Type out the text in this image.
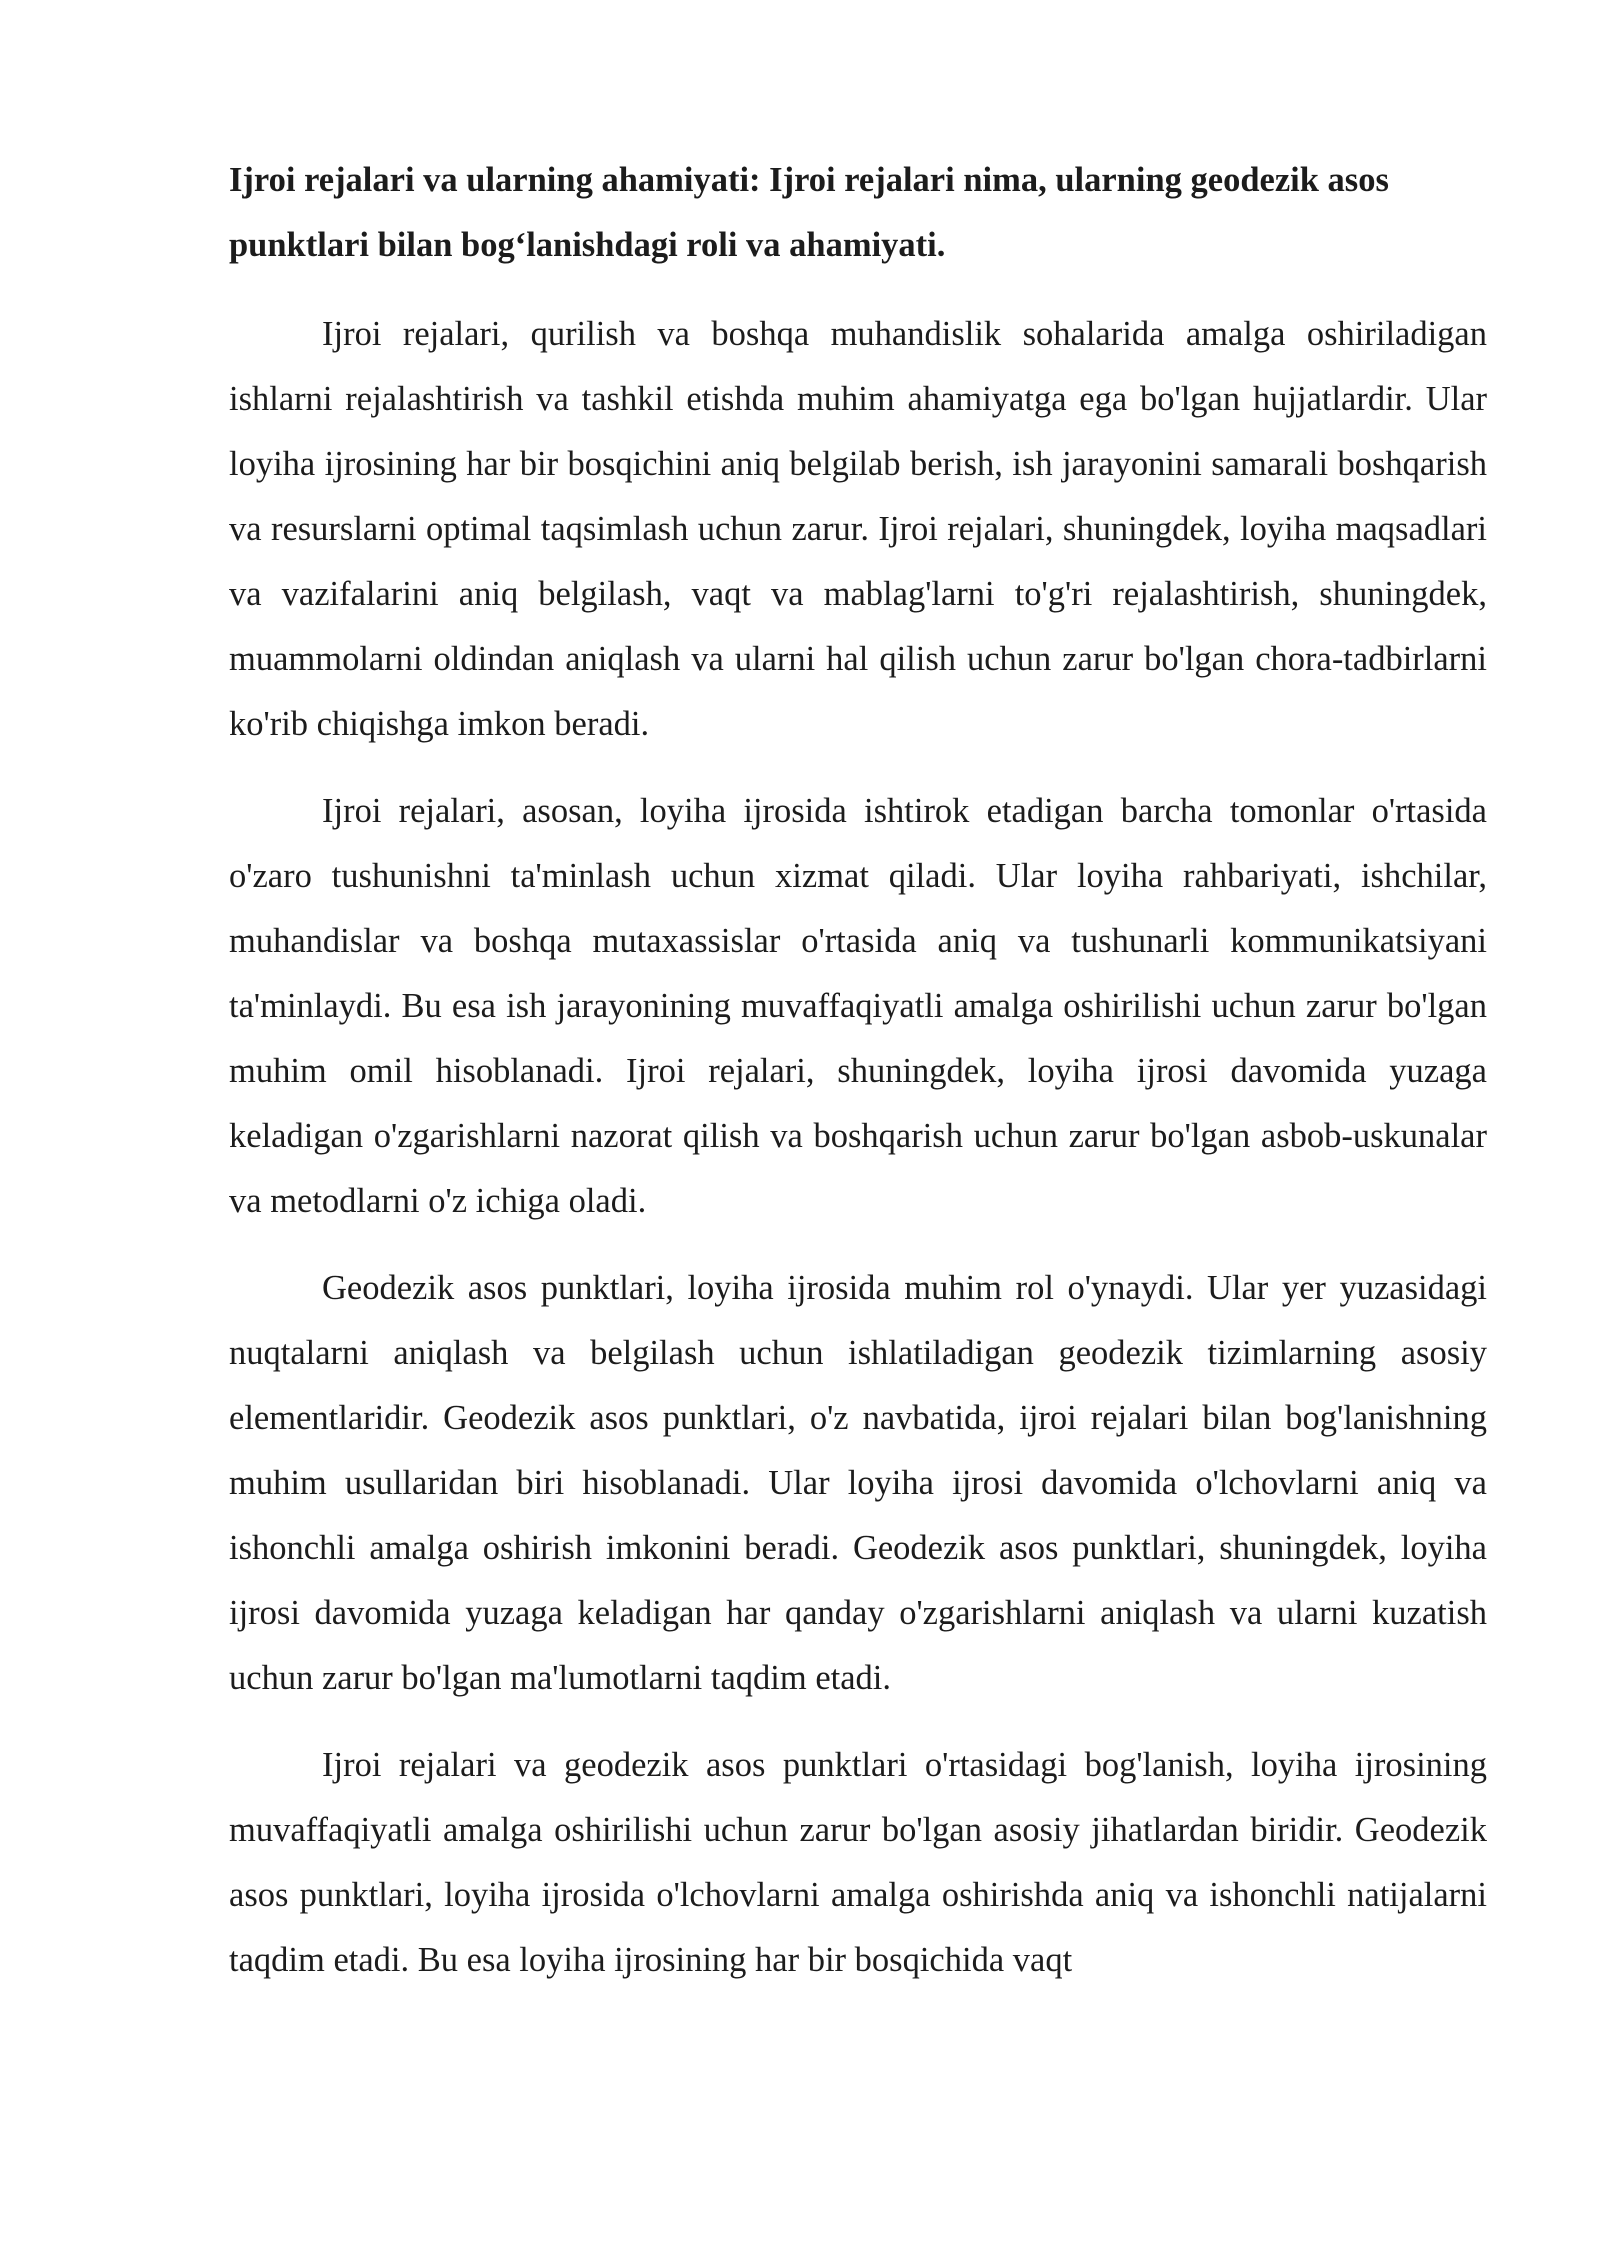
Ijroi rejalari va ularning ahamiyati: Ijroi rejalari nima, ularning geodezik asos punktlari bilan bog‘lanishdagi roli va ahamiyati.

Ijroi rejalari, qurilish va boshqa muhandislik sohalarida amalga oshiriladigan ishlarni rejalashtirish va tashkil etishda muhim ahamiyatga ega bo'lgan hujjatlardir. Ular loyiha ijrosining har bir bosqichini aniq belgilab berish, ish jarayonini samarali boshqarish va resurslarni optimal taqsimlash uchun zarur. Ijroi rejalari, shuningdek, loyiha maqsadlari va vazifalarini aniq belgilash, vaqt va mablag'larni to'g'ri rejalashtirish, shuningdek, muammolarni oldindan aniqlash va ularni hal qilish uchun zarur bo'lgan chora-tadbirlarni ko'rib chiqishga imkon beradi.

Ijroi rejalari, asosan, loyiha ijrosida ishtirok etadigan barcha tomonlar o'rtasida o'zaro tushunishni ta'minlash uchun xizmat qiladi. Ular loyiha rahbariyati, ishchilar, muhandislar va boshqa mutaxassislar o'rtasida aniq va tushunarli kommunikatsiyani ta'minlaydi. Bu esa ish jarayonining muvaffaqiyatli amalga oshirilishi uchun zarur bo'lgan muhim omil hisoblanadi. Ijroi rejalari, shuningdek, loyiha ijrosi davomida yuzaga keladigan o'zgarishlarni nazorat qilish va boshqarish uchun zarur bo'lgan asbob-uskunalar va metodlarni o'z ichiga oladi.

Geodezik asos punktlari, loyiha ijrosida muhim rol o'ynaydi. Ular yer yuzasidagi nuqtalarni aniqlash va belgilash uchun ishlatiladigan geodezik tizimlarning asosiy elementlaridir. Geodezik asos punktlari, o'z navbatida, ijroi rejalari bilan bog'lanishning muhim usullaridan biri hisoblanadi. Ular loyiha ijrosi davomida o'lchovlarni aniq va ishonchli amalga oshirish imkonini beradi. Geodezik asos punktlari, shuningdek, loyiha ijrosi davomida yuzaga keladigan har qanday o'zgarishlarni aniqlash va ularni kuzatish uchun zarur bo'lgan ma'lumotlarni taqdim etadi.

Ijroi rejalari va geodezik asos punktlari o'rtasidagi bog'lanish, loyiha ijrosining muvaffaqiyatli amalga oshirilishi uchun zarur bo'lgan asosiy jihatlardan biridir. Geodezik asos punktlari, loyiha ijrosida o'lchovlarni amalga oshirishda aniq va ishonchli natijalarni taqdim etadi. Bu esa loyiha ijrosining har bir bosqichida vaqt
